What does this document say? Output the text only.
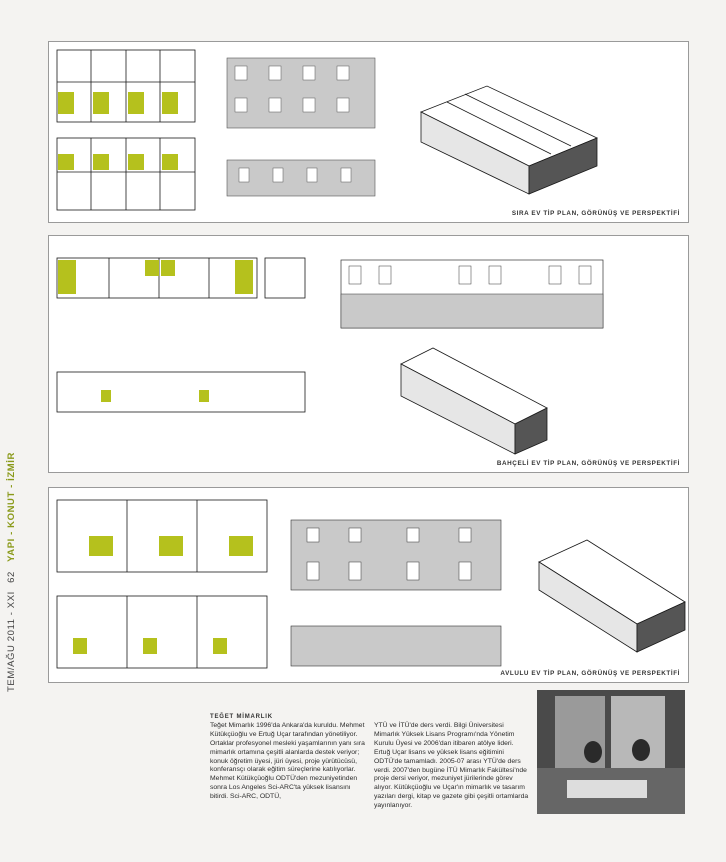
TEM/AĞU 2011 - XXI 62 YAPI - KONUT - İZMİR
SIRA EV TİP PLAN, GÖRÜNÜŞ VE PERSPEKTİFİ
BAHÇELİ EV TİP PLAN, GÖRÜNÜŞ VE PERSPEKTİFİ
AVLULU EV TİP PLAN, GÖRÜNÜŞ VE PERSPEKTİFİ
TEĞET MİMARLIK

Teğet Mimarlık 1996'da Ankara'da kuruldu. Mehmet Kütükçüoğlu ve Ertuğ Uçar tarafından yönetiliyor. Ortaklar profesyonel mesleki yaşamlarının yanı sıra mimarlık ortamına çeşitli alanlarda destek veriyor; konuk öğretim üyesi, jüri üyesi, proje yürütücüsü, konferansçı olarak eğitim süreçlerine katılıyorlar. Mehmet Kütükçüoğlu ODTÜ'den mezuniyetinden sonra Los Angeles Sci-ARC'ta yüksek lisansını bitirdi. Sci-ARC, ODTÜ,

YTÜ ve İTÜ'de ders verdi. Bilgi Üniversitesi Mimarlık Yüksek Lisans Programı'nda Yönetim Kurulu Üyesi ve 2006'dan itibaren atölye lideri. Ertuğ Uçar lisans ve yüksek lisans eğitimini ODTÜ'de tamamladı. 2005-07 arası YTÜ'de ders verdi. 2007'den bugüne İTÜ Mimarlık Fakültesi'nde proje dersi veriyor, mezuniyet jürilerinde görev alıyor. Kütükçüoğlu ve Uçar'ın mimarlık ve tasarım yazıları dergi, kitap ve gazete gibi çeşitli ortamlarda yayınlanıyor.
